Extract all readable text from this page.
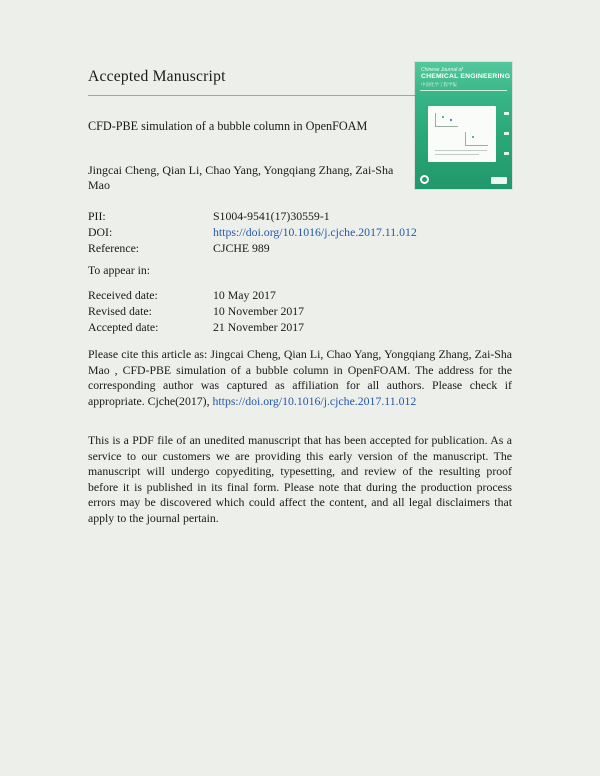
Accepted Manuscript
CFD-PBE simulation of a bubble column in OpenFOAM
Jingcai Cheng, Qian Li, Chao Yang, Yongqiang Zhang, Zai-Sha Mao
Chinese Journal of
CHEMICAL ENGINEERING
中国化学工程学报
PII:	S1004-9541(17)30559-1
DOI:	https://doi.org/10.1016/j.cjche.2017.11.012
Reference:	CJCHE 989
To appear in:
Received date:	10 May 2017
Revised date:	10 November 2017
Accepted date:	21 November 2017

Please cite this article as: Jingcai Cheng, Qian Li, Chao Yang, Yongqiang Zhang, Zai-Sha Mao , CFD-PBE simulation of a bubble column in OpenFOAM. The address for the corresponding author was captured as affiliation for all authors. Please check if appropriate. Cjche(2017), https://doi.org/10.1016/j.cjche.2017.11.012

This is a PDF file of an unedited manuscript that has been accepted for publication. As a service to our customers we are providing this early version of the manuscript. The manuscript will undergo copyediting, typesetting, and review of the resulting proof before it is published in its final form. Please note that during the production process errors may be discovered which could affect the content, and all legal disclaimers that apply to the journal pertain.
